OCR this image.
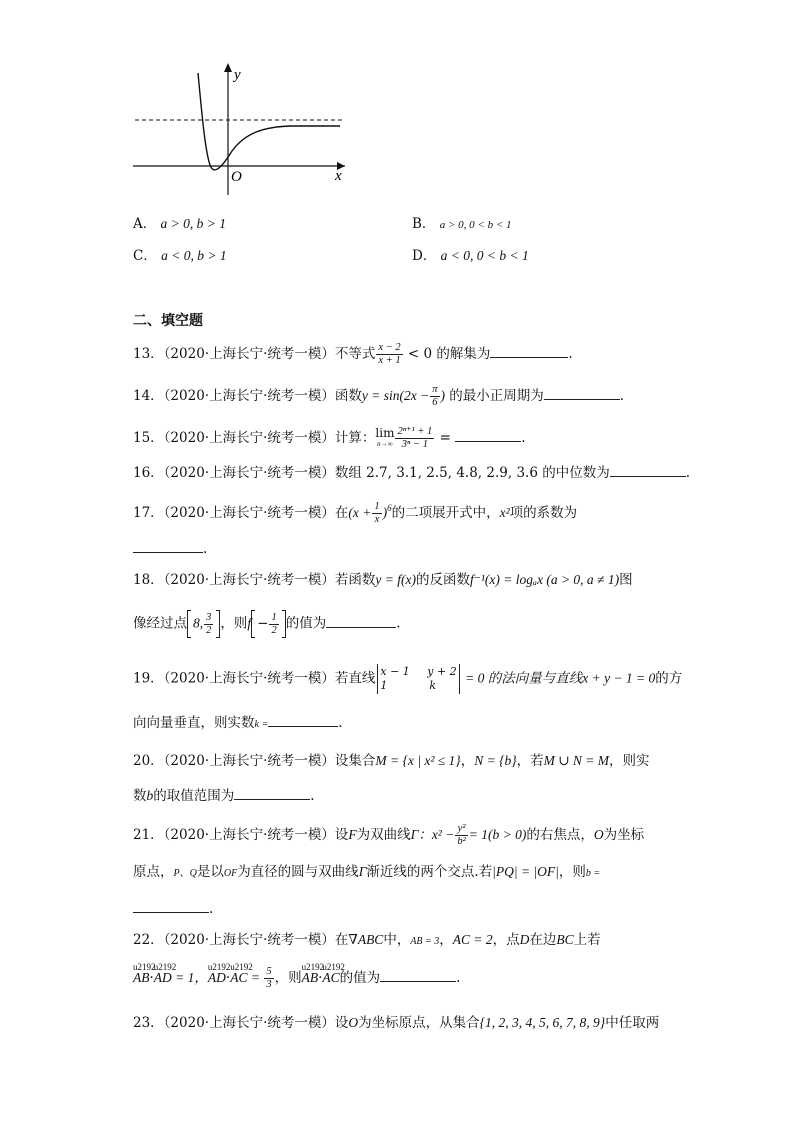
y
x
O
A． a > 0, b > 1	B． a > 0, 0 < b < 1
C． a < 0, b > 1	D． a < 0, 0 < b < 1
二、填空题
13．（2020·上海长宁·统考一模）不等式 $\frac{x - 2}{x + 1} < 0$ 的解集为	.
14．（2020·上海长宁·统考一模）函数$y = \sin(2x - \frac{\pi}{6}$ ) 的最小正周期为	.
15．（2020·上海长宁·统考一模）计算： lim
$n\to\infty \frac{\text{2ⁿ⁺¹ + 1}}{\text{3ⁿ − 1}}$ =	.
16．（2020·上海长宁·统考一模）数组 2.7, 3.1, 2.5, 4.8, 2.9, 3.6 的中位数为	.
17．（2020·上海长宁·统考一模）在$(x + \frac{1}{x} )^6$的二项展开式中，x²项的系数为
.
18．（2020·上海长宁·统考一模）若函数y = f(x)的反函数f⁻¹(x) = logₐx (a > 0, a ≠ 1)图
像经过点 8, $\frac{3}{2}$ ，则$f - \frac{1}{2}$ 的值为	.
19．（2020·上海长宁·统考一模）若直线 x − 1     y + 2
1            k	= 0 的法向量与直线x + y − 1 = 0的方
向向量垂直，则实数k =	.
20．（2020·上海长宁·统考一模）设集合M = {x | x² ≤ 1}，N = {b}，若M ∪ N = M，则实
数b的取值范围为	.
21．（2020·上海长宁·统考一模）设F为双曲线Γ：$x^2 - \frac{\text{y²}}{\text{b²}} = 1(b > 0)$的右焦点，O为坐标
原点，P、Q是以OF为直径的圆与双曲线Γ渐近线的两个交点.若|PQ| = |OF|，则b =
.
22．（2020·上海长宁·统考一模）在∇ABC中，AB = 3，AC = 2，点D在边BC上若
u2192 AB·u2192 AD = 1，u2192 AD·u2192 AC = $\frac{5}{3}$ ，则u2192 AB·u2192 AC的值为	.
23．（2020·上海长宁·统考一模）设O为坐标原点，从集合{1, 2, 3, 4, 5, 6, 7, 8, 9}中任取两
